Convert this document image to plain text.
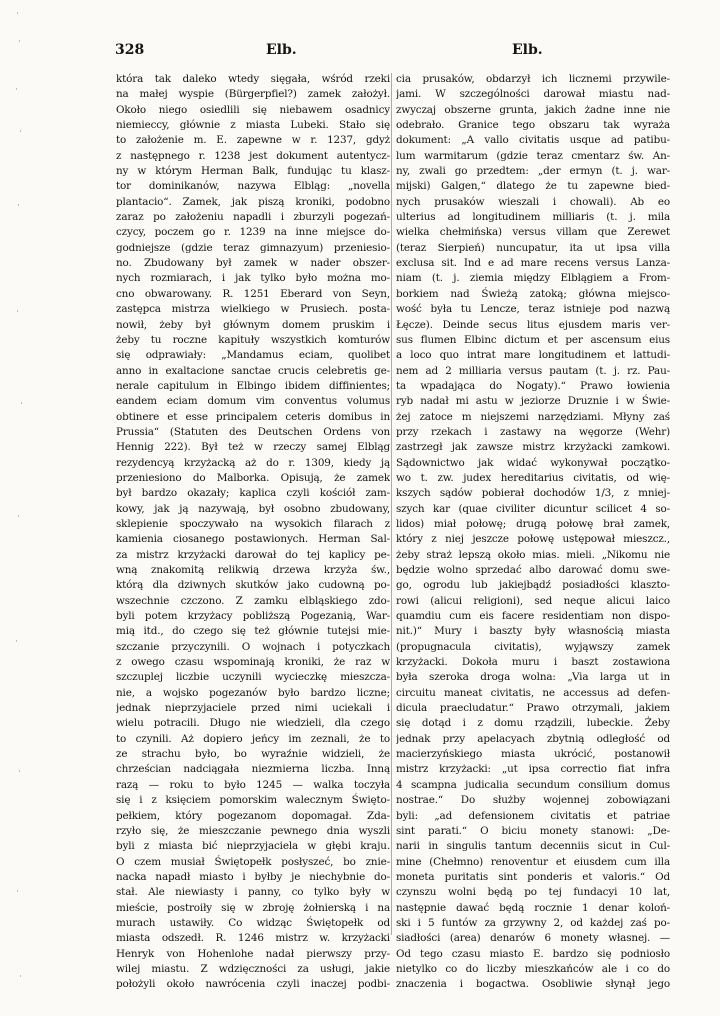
328	Elb.	Elb.
która tak daleko wtedy sięgała, wśród rzeki
na małej wyspie (Bürgerpfiel?) zamek założył.
Około niego osiedlili się niebawem osadnicy
niemieccy, głównie z miasta Lubeki. Stało się
to założenie m. E. zapewne w r. 1237, gdyż
z następnego r. 1238 jest dokument autentycz-
ny w którym Herman Balk, fundując tu klasz-
tor dominikanów, nazywa Elbląg: „novella
plantacio“. Zamek, jak piszą kroniki, podobno
zaraz po założeniu napadli i zburzyli pogezań-
czycy, poczem go r. 1239 na inne miejsce do-
godniejsze (gdzie teraz gimnazyum) przeniesio-
no. Zbudowany był zamek w nader obszer-
nych rozmiarach, i jak tylko było można mo-
cno obwarowany. R. 1251 Eberard von Seyn,
zastępca mistrza wielkiego w Prusiech. posta-
nowił, żeby był głównym domem pruskim i
żeby tu roczne kapituły wszystkich komturów
się odprawiały: „Mandamus eciam, quolibet
anno in exaltacione sanctae crucis celebretis ge-
nerale capitulum in Elbingo ibidem diffinientes;
eandem eciam domum vim conventus volumus
obtinere et esse principalem ceteris domibus in
Prussia“ (Statuten des Deutschen Ordens von
Hennig 222). Był też w rzeczy samej Elbląg
rezydencyą krzyżacką aż do r. 1309, kiedy ją
przeniesiono do Malborka. Opisują, że zamek
był bardzo okazały; kaplica czyli kościół zam-
kowy, jak ją nazywają, był osobno zbudowany,
sklepienie spoczywało na wysokich filarach z
kamienia ciosanego postawionych. Herman Sal-
za mistrz krzyżacki darował do tej kaplicy pe-
wną znakomitą relikwią drzewa krzyża św.,
którą dla dziwnych skutków jako cudowną po-
wszechnie czczono. Z zamku elbląskiego zdo-
byli potem krzyżacy pobliższą Pogezanią, War-
mią itd., do czego się też głównie tutejsi mie-
szczanie przyczynili. O wojnach i potyczkach
z owego czasu wspominają kroniki, że raz w
szczuplej liczbie uczynili wycieczkę mieszcza-
nie, a wojsko pogezanów było bardzo liczne;
jednak nieprzyjaciele przed nimi uciekali i
wielu potracili. Długo nie wiedzieli, dla czego
to czynili. Aż dopiero jeńcy im zeznali, że to
ze strachu było, bo wyraźnie widzieli, że
chrześcian nadciągała niezmierna liczba. Inną
razą — roku to było 1245 — walka toczyła
się i z księciem pomorskim walecznym Święto-
pełkiem, który pogezanom dopomagał. Zda-
rzyło się, że mieszczanie pewnego dnia wyszli
byli z miasta bić nieprzyjaciela w głębi kraju.
O czem musiał Świętopełk posłyszeć, bo znie-
nacka napadł miasto i byłby je niechybnie do-
stał. Ale niewiasty i panny, co tylko były w
mieście, postroiły się w zbroję żołnierską i na
murach ustawiły. Co widząc Świętopełk od
miasta odszedł. R. 1246 mistrz w. krzyżacki
Henryk von Hohenlohe nadał pierwszy przy-
wilej miastu. Z wdzięczności za usługi, jakie
położyli około nawrócenia czyli inaczej podbi-
cia prusaków, obdarzył ich licznemi przywile-
jami. W szczególności darował miastu nad-
zwyczaj obszerne grunta, jakich żadne inne nie
odebrało. Granice tego obszaru tak wyraża
dokument: „A vallo civitatis usque ad patibu-
lum warmitarum (gdzie teraz cmentarz św. An-
ny, zwali go przedtem: „der ermyn (t. j. war-
mijski) Galgen,“ dlatego że tu zapewne bied-
nych prusaków wieszali i chowali). Ab eo
ulterius ad longitudinem milliaris (t. j. mila
wielka chełmińska) versus villam que Zerewet
(teraz Sierpień) nuncupatur, ita ut ipsa villa
exclusa sit. Ind e ad mare recens versus Lanza-
niam (t. j. ziemia między Elblągiem a From-
borkiem nad Świeżą zatoką; główna miejsco-
wość była tu Lencze, teraz istnieje pod nazwą
Łęcze). Deinde secus litus ejusdem maris ver-
sus flumen Elbinc dictum et per ascensum eius
a loco quo intrat mare longitudinem et lattudi-
nem ad 2 milliaria versus pautam (t. j. rz. Pau-
ta wpadająca do Nogaty).“ Prawo łowienia
ryb nadał mi astu w jeziorze Druznie i w Świe-
żej zatoce m niejszemi narzędziami. Młyny zaś
przy rzekach i zastawy na węgorze (Wehr)
zastrzegł jak zawsze mistrz krzyżacki zamkowi.
Sądownictwo jak widać wykonywał początko-
wo t. zw. judex hereditarius civitatis, od wię-
kszych sądów pobierał dochodów 1/3, z mniej-
szych kar (quae civiliter dicuntur scilicet 4 so-
lidos) miał połowę; drugą połowę brał zamek,
który z niej jeszcze połowę ustępował mieszcz.,
żeby straż lepszą około mias. mieli. „Nikomu nie
będzie wolno sprzedać albo darować domu swe-
go, ogrodu lub jakiejbądź posiadłości klaszto-
rowi (alicui religioni), sed neque alicui laico
quamdiu cum eis facere residentiam non dispo-
nit.)“ Mury i baszty były własnością miasta
(propugnacula civitatis), wyjąwszy zamek
krzyżacki. Dokoła muru i baszt zostawiona
była szeroka droga wolna: „Via larga ut in
circuitu maneat civitatis, ne accessus ad defen-
dicula praecludatur.“ Prawo otrzymali, jakiem
się dotąd i z domu rządzili, lubeckie. Żeby
jednak przy apelacyach zbytnią odległość od
macierzyńskiego miasta ukrócić, postanowił
mistrz krzyżacki: „ut ipsa correctio fiat infra
4 scampna judicalia secundum consilium domus
nostrae.“ Do służby wojennej zobowiązani
byli: „ad defensionem civitatis et patriae
sint parati.“ O biciu monety stanowi: „De-
narii in singulis tantum decenniis sicut in Cul-
mine (Chełmno) renoventur et eiusdem cum illa
moneta puritatis sint ponderis et valoris.“ Od
czynszu wolni będą po tej fundacyi 10 lat,
następnie dawać będą rocznie 1 denar koloń-
ski i 5 funtów za grzywny 2, od każdej zaś po-
siadłości (area) denarów 6 monety własnej. —
Od tego czasu miasto E. bardzo się podniosło
nietylko co do liczby mieszkańców ale i co do
znaczenia i bogactwa. Osobliwie słynął jego
